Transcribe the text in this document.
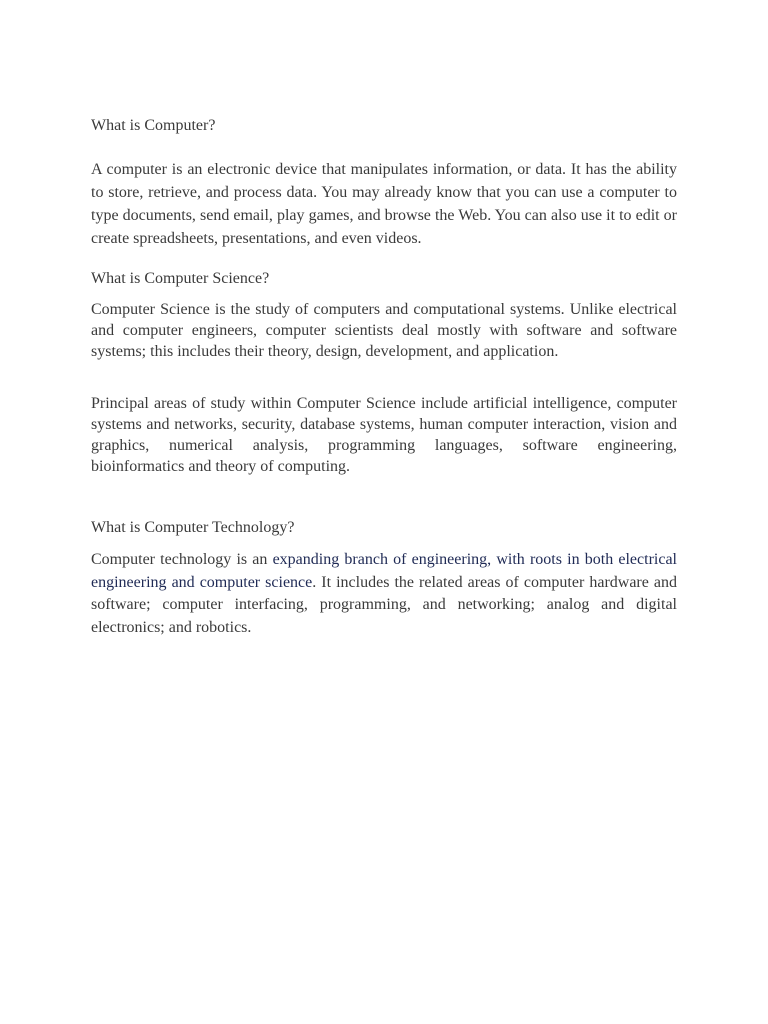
What is Computer?

A computer is an electronic device that manipulates information, or data. It has the ability to store, retrieve, and process data. You may already know that you can use a computer to type documents, send email, play games, and browse the Web. You can also use it to edit or create spreadsheets, presentations, and even videos.

What is Computer Science?

Computer Science is the study of computers and computational systems. Unlike electrical and computer engineers, computer scientists deal mostly with software and software systems; this includes their theory, design, development, and application.

Principal areas of study within Computer Science include artificial intelligence, computer systems and networks, security, database systems, human computer interaction, vision and graphics, numerical analysis, programming languages, software engineering, bioinformatics and theory of computing.

What is Computer Technology?

Computer technology is an expanding branch of engineering, with roots in both electrical engineering and computer science. It includes the related areas of computer hardware and software; computer interfacing, programming, and networking; analog and digital electronics; and robotics.
